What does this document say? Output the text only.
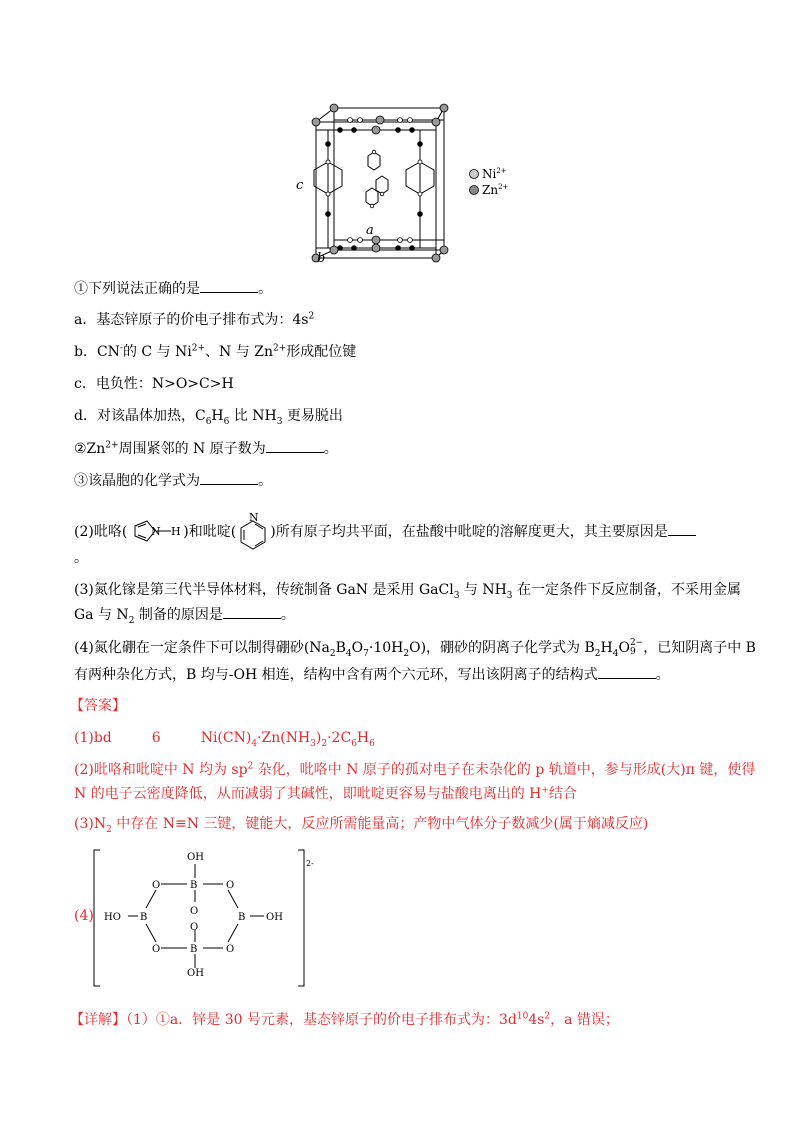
c
a
b
$Ni^{2+}$
$Zn^{2+}$
①下列说法正确的是	。
a．基态锌原子的价电子排布式为：$4s^2$
b．CN-的 C 与 $Ni^{2+}$、N 与 $Zn^{2+}$形成配位键
c．电负性：N>O>C>H
d．对该晶体加热，$C_6H_6$ 比 $NH_3$ 更易脱出
$②Zn^{2+}$周围紧邻的 N 原子数为	。
③该晶胞的化学式为	。
(2)吡咯( N H )和吡啶(
N
)所有原子均共平面，在盐酸中吡啶的溶解度更大，其主要原因是
。
(3)氮化镓是第三代半导体材料，传统制备 GaN 是采用 GaCl$_3$ 与 $NH_3$ 在一定条件下反应制备，不采用金属
Ga 与 $N_2$ 制备的原因是	。
(4)氮化硼在一定条件下可以制得硼砂$(Na_2B_4O_7\cdot 10H_2O)$，硼砂的阴离子化学式为 $B_2H_4O$ 2−
9 ，已知阴离子中 B
有两种杂化方式，B 均与-OH 相连，结构中含有两个六元环，写出该阴离子的结构式	。
【答案】
(1)bd	6	$Ni(CN)_4\cdot Zn(NH_3)_2\cdot 2C_6H_6$
(2)吡咯和吡啶中 N 均为 $sp^2$ 杂化，吡咯中 N 原子的孤对电子在未杂化的 p 轨道中，参与形成(大)π 键，使得
N 的电子云密度降低，从而减弱了其碱性，即吡啶更容易与盐酸电离出的 H+结合
$(3)N_2$ 中存在 N≡N 三键，键能大，反应所需能量高；产物中气体分子数减少(属于熵减反应)
(4)
OH
B
O	O
O
HO B	B OH
O
O	B	O
OH
2-
【详解】（1）①a．锌是 30 号元素，基态锌原子的价电子排布式为：$3d^{10}4s^2$，a 错误；
